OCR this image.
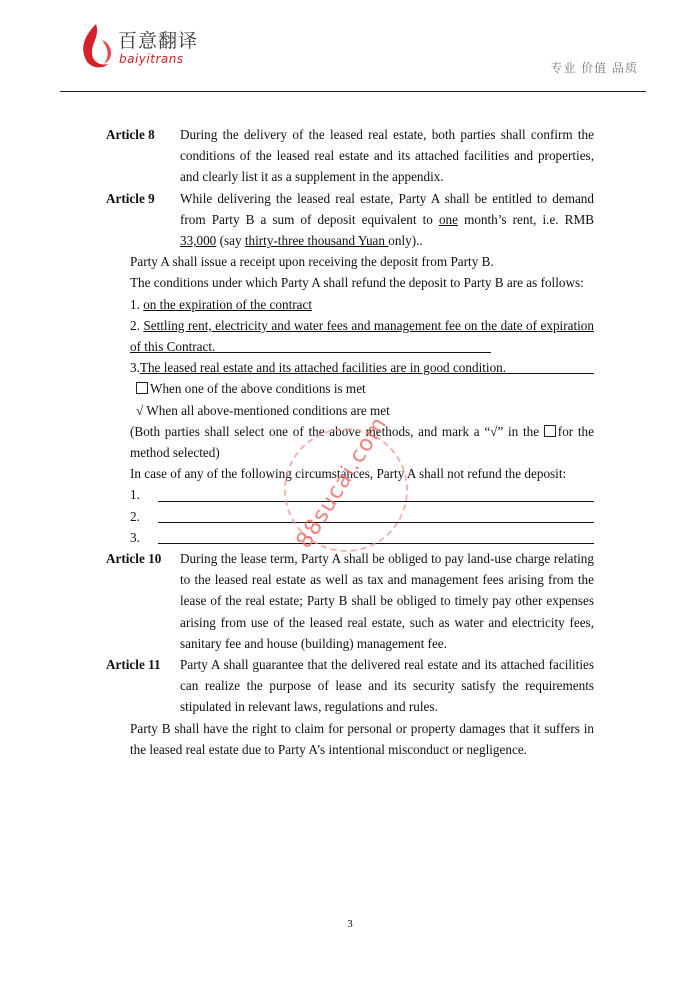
百意翻译
baiyitrans
专业 价值 品质
Article 8	During the delivery of the leased real estate, both parties shall confirm the conditions of the leased real estate and its attached facilities and properties, and clearly list it as a supplement in the appendix.
Article 9	While delivering the leased real estate, Party A shall be entitled to demand from Party B a sum of deposit equivalent to one month’s rent, i.e. RMB 33,000 (say thirty-three thousand Yuan only)..
Party A shall issue a receipt upon receiving the deposit from Party B.
The conditions under which Party A shall refund the deposit to Party B are as follows:
1. on the expiration of the contract
2. Settling rent, electricity and water fees and management fee on the date of expiration of this Contract.
3. The leased real estate and its attached facilities are in good condition.
When one of the above conditions is met
√ When all above-mentioned conditions are met
(Both parties shall select one of the above methods, and mark a “√” in the for the method selected)
In case of any of the following circumstances, Party A shall not refund the deposit:
1.
2.
3.
Article 10	During the lease term, Party A shall be obliged to pay land-use charge relating to the leased real estate as well as tax and management fees arising from the lease of the real estate; Party B shall be obliged to timely pay other expenses arising from use of the leased real estate, such as water and electricity fees, sanitary fee and house (building) management fee.
Article 11	Party A shall guarantee that the delivered real estate and its attached facilities can realize the purpose of lease and its security satisfy the requirements stipulated in relevant laws, regulations and rules.
Party B shall have the right to claim for personal or property damages that it suffers in the leased real estate due to Party A’s intentional misconduct or negligence.
88sucai.com
3
